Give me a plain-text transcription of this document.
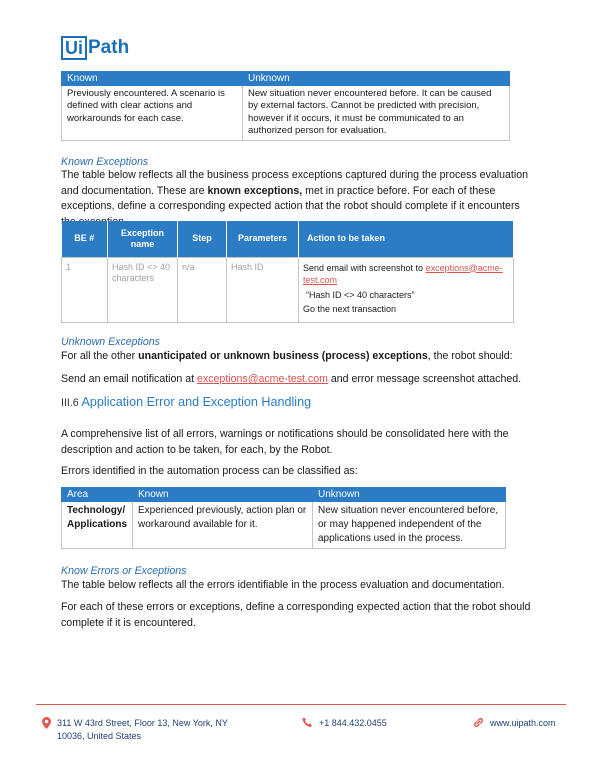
Ui Path
Known	Unknown
Previously encountered. A scenario is defined with clear actions and workarounds for each case.	New situation never encountered before. It can be caused by external factors. Cannot be predicted with precision, however if it occurs, it must be communicated to an authorized person for evaluation.
Known Exceptions
The table below reflects all the business process exceptions captured during the process evaluation and documentation. These are known exceptions, met in practice before. For each of these exceptions, define a corresponding expected action that the robot should complete if it encounters
BE #	Exception name	Step	Parameters	Action to be taken
1	Hash ID <> 40 characters	n/a	Hash ID	Send email with screenshot to exceptions@acme-test.com
“Hash ID <> 40 characters”
Go the next transaction
Unknown Exceptions
For all the other unanticipated or unknown business (process) exceptions, the robot should:
Send an email notification at exceptions@acme-test.com and error message screenshot attached.
III.6 Application Error and Exception Handling
A comprehensive list of all errors, warnings or notifications should be consolidated here with the description and action to be taken, for each, by the Robot.
Errors identified in the automation process can be classified as:
Area	Known	Unknown
Technology/ Applications	Experienced previously, action plan or workaround available for it.	New situation never encountered before, or may happened independent of the applications used in the process.
Know Errors or Exceptions
The table below reflects all the errors identifiable in the process evaluation and documentation.
For each of these errors or exceptions, define a corresponding expected action that the robot should complete if it is encountered.
311 W 43rd Street, Floor 13, New York, NY
10036, United States
+1 844.432.0455	www.uipath.com
